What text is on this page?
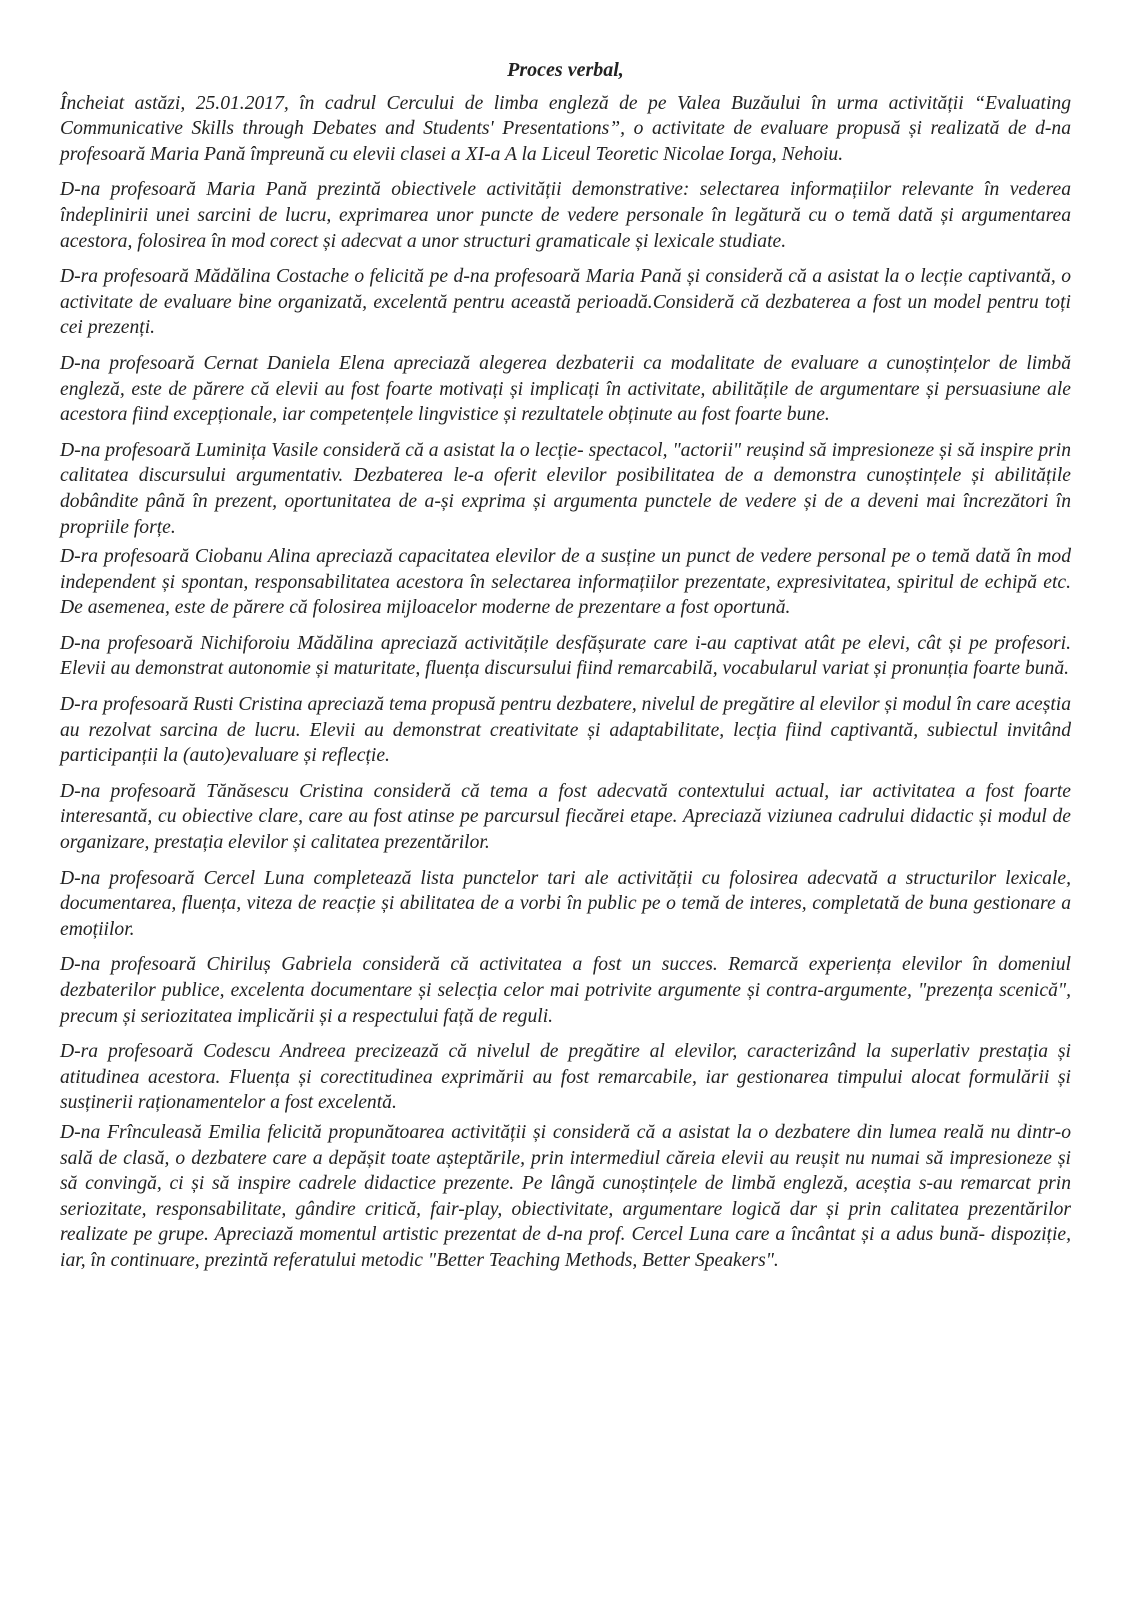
Proces verbal,

Încheiat astăzi, 25.01.2017, în cadrul Cercului de limba engleză de pe Valea Buzăului în urma activității “Evaluating Communicative Skills through Debates and Students' Presentations”, o activitate de evaluare propusă și realizată de d-na profesoară Maria Pană împreună cu elevii clasei a XI-a A la Liceul Teoretic Nicolae Iorga, Nehoiu.

D-na profesoară Maria Pană prezintă obiectivele activității demonstrative: selectarea informațiilor relevante în vederea îndeplinirii unei sarcini de lucru, exprimarea unor puncte de vedere personale în legătură cu o temă dată și argumentarea acestora, folosirea în mod corect și adecvat a unor structuri gramaticale și lexicale studiate.

D-ra profesoară Mădălina Costache o felicită pe d-na profesoară Maria Pană și consideră că a asistat la o lecție captivantă, o activitate de evaluare bine organizată, excelentă pentru această perioadă.Consideră că dezbaterea a fost un model pentru toți cei prezenți.

D-na profesoară Cernat Daniela Elena apreciază alegerea dezbaterii ca modalitate de evaluare a cunoștințelor de limbă engleză, este de părere că elevii au fost foarte motivați și implicați în activitate, abilitățile de argumentare și persuasiune ale acestora fiind excepționale, iar competențele lingvistice și rezultatele obținute au fost foarte bune.

D-na profesoară Luminița Vasile consideră că a asistat la o lecție- spectacol, "actorii" reușind să impresioneze și să inspire prin calitatea discursului argumentativ. Dezbaterea le-a oferit elevilor posibilitatea de a demonstra cunoștințele și abilitățile dobândite până în prezent, oportunitatea de a-și exprima și argumenta punctele de vedere și de a deveni mai încrezători în propriile forțe.

D-ra profesoară Ciobanu Alina apreciază capacitatea elevilor de a susține un punct de vedere personal pe o temă dată în mod independent și spontan, responsabilitatea acestora în selectarea informațiilor prezentate, expresivitatea, spiritul de echipă etc. De asemenea, este de părere că folosirea mijloacelor moderne de prezentare a fost oportună.

D-na profesoară Nichiforoiu Mădălina apreciază activitățile desfășurate care i-au captivat atât pe elevi, cât și pe profesori. Elevii au demonstrat autonomie și maturitate, fluența discursului fiind remarcabilă, vocabularul variat și pronunția foarte bună.

D-ra profesoară Rusti Cristina apreciază tema propusă pentru dezbatere, nivelul de pregătire al elevilor și modul în care aceștia au rezolvat sarcina de lucru. Elevii au demonstrat creativitate și adaptabilitate, lecția fiind captivantă, subiectul invitând participanții la (auto)evaluare și reflecție.

D-na profesoară Tănăsescu Cristina consideră că tema a fost adecvată contextului actual, iar activitatea a fost foarte interesantă, cu obiective clare, care au fost atinse pe parcursul fiecărei etape. Apreciază viziunea cadrului didactic și modul de organizare, prestația elevilor și calitatea prezentărilor.

D-na profesoară Cercel Luna completează lista punctelor tari ale activității cu folosirea adecvată a structurilor lexicale, documentarea, fluența, viteza de reacție și abilitatea de a vorbi în public pe o temă de interes, completată de buna gestionare a emoțiilor.

D-na profesoară Chiriluș Gabriela consideră că activitatea a fost un succes. Remarcă experiența elevilor în domeniul dezbaterilor publice, excelenta documentare și selecția celor mai potrivite argumente și contra-argumente, "prezența scenică", precum și seriozitatea implicării și a respectului față de reguli.

D-ra profesoară Codescu Andreea precizează că nivelul de pregătire al elevilor, caracterizând la superlativ prestația și atitudinea acestora. Fluența și corectitudinea exprimării au fost remarcabile, iar gestionarea timpului alocat formulării și susținerii raționamentelor a fost excelentă.

D-na Frînculeasă Emilia felicită propunătoarea activității și consideră că a asistat la o dezbatere din lumea reală nu dintr-o sală de clasă, o dezbatere care a depășit toate așteptările, prin intermediul căreia elevii au reușit nu numai să impresioneze și să convingă, ci și să inspire cadrele didactice prezente. Pe lângă cunoștințele de limbă engleză, aceștia s-au remarcat prin seriozitate, responsabilitate, gândire critică, fair-play, obiectivitate, argumentare logică dar și prin calitatea prezentărilor realizate pe grupe. Apreciază momentul artistic prezentat de d-na prof. Cercel Luna care a încântat și a adus bună- dispoziție, iar, în continuare, prezintă referatului metodic "Better Teaching Methods, Better Speakers".
